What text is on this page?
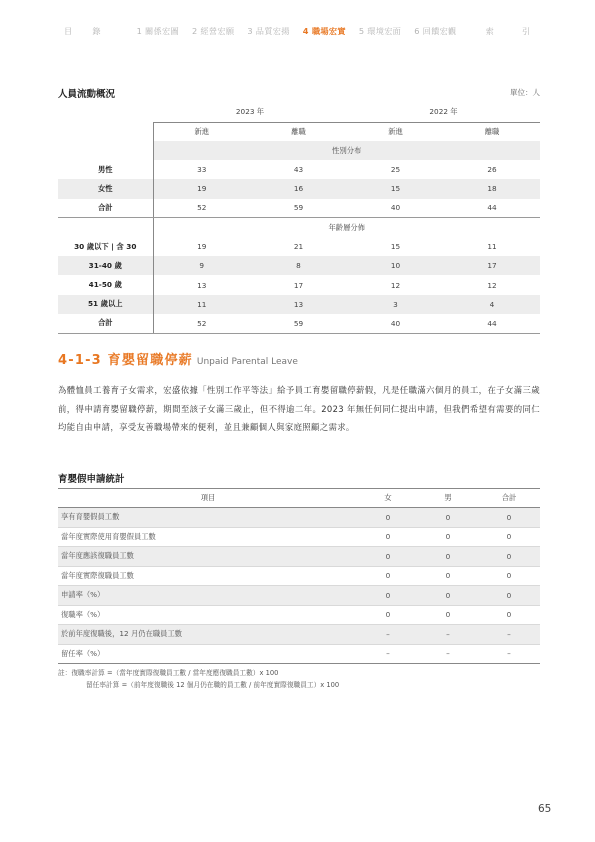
目　錄	1 關係宏圖 2 經營宏願 3 品質宏揚 4 職場宏實 5 環境宏面 6 回饋宏觀	索　引
人員流動概況	單位：人
	2023 年		2022 年	
	新進	離職	新進	離職
	性別分布			
男性	33	43	25	26
女性	19	16	15	18
合計	52	59	40	44
	年齡層分佈			
30 歲以下 | 含 30	19	21	15	11
31-40 歲	9	8	10	17
41-50 歲	13	17	12	12
51 歲以上	11	13	3	4
合計	52	59	40	44
4-1-3 育嬰留職停薪 Unpaid Parental Leave
為體恤員工養育子女需求，宏盛依據「性別工作平等法」給予員工育嬰留職停薪假，凡是任職滿六個月的員工，在子女滿三歲前，得申請育嬰留職停薪，期間至該子女滿三歲止，但不得逾二年。2023 年無任何同仁提出申請，但我們希望有需要的同仁均能自由申請，享受友善職場帶來的便利，並且兼顧個人與家庭照顧之需求。
育嬰假申請統計
項目	女	男	合計
享有育嬰假員工數	0	0	0
當年度實際使用育嬰假員工數	0	0	0
當年度應該復職員工數	0	0	0
當年度實際復職員工數	0	0	0
申請率（%）	0	0	0
復職率（%）	0	0	0
於前年度復職後，12 月仍在職員工數	–	–	–
留任率（%）	–	–	–
註：復職率計算 =（當年度實際復職員工數 / 當年度應復職員工數）x 100
留任率計算 =（前年度復職後 12 個月仍在職的員工數 / 前年度實際復職員工）x 100
65
